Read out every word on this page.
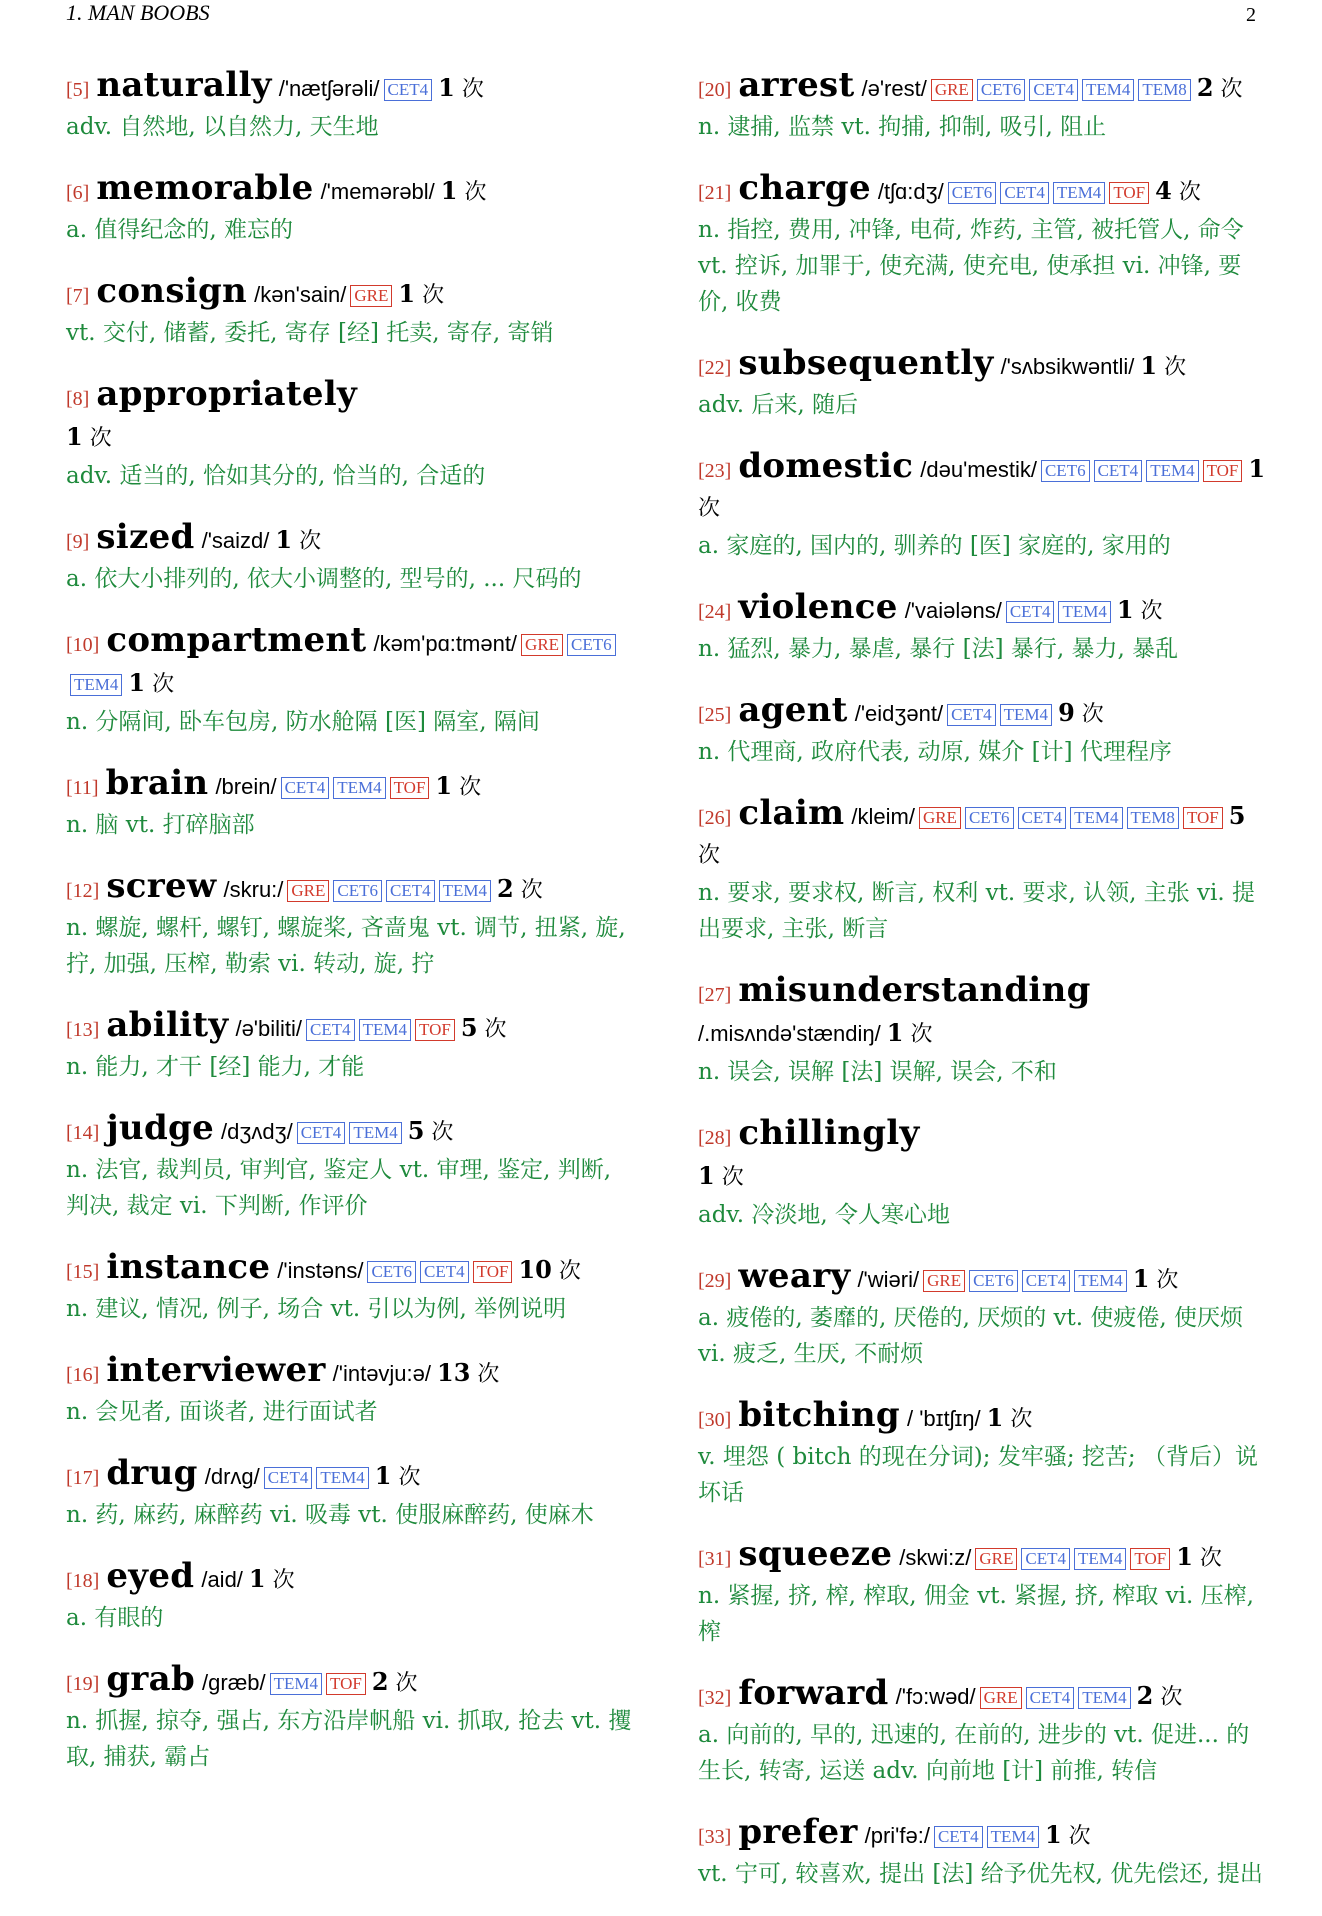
1. MAN BOOBS	2
[5] naturally /'nætʃərəli/ CET4 1 次
adv. 自然地, 以自然力, 天生地
[6] memorable /'memərəbl/ 1 次
a. 值得纪念的, 难忘的
[7] consign /kən'sain/ GRE 1 次
vt. 交付, 储蓄, 委托, 寄存 [经] 托卖, 寄存, 寄销
[8] appropriately
1 次
adv. 适当的, 恰如其分的, 恰当的, 合适的
[9] sized /'saizd/ 1 次
a. 依大小排列的, 依大小调整的, 型号的, ... 尺码的
[10] compartment /kəm'pɑ:tmənt/ GRE CET6TEM4 1 次
n. 分隔间, 卧车包房, 防水舱隔 [医] 隔室, 隔间
[11] brain /brein/ CET4 TEM4 TOF 1 次
n. 脑 vt. 打碎脑部
[12] screw /skru:/ GRE CET6 CET4 TEM4 2 次
n. 螺旋, 螺杆, 螺钉, 螺旋桨, 吝啬鬼 vt. 调节, 扭紧, 旋, 拧, 加强, 压榨, 勒索 vi. 转动, 旋, 拧
[13] ability /ə'biliti/ CET4 TEM4 TOF 5 次
n. 能力, 才干 [经] 能力, 才能
[14] judge /dʒʌdʒ/ CET4 TEM4 5 次
n. 法官, 裁判员, 审判官, 鉴定人 vt. 审理, 鉴定, 判断, 判决, 裁定 vi. 下判断, 作评价
[15] instance /'instəns/ CET6 CET4 TOF 10 次
n. 建议, 情况, 例子, 场合 vt. 引以为例, 举例说明
[16] interviewer /'intəvju:ə/ 13 次
n. 会见者, 面谈者, 进行面试者
[17] drug /drʌg/ CET4 TEM4 1 次
n. 药, 麻药, 麻醉药 vi. 吸毒 vt. 使服麻醉药, 使麻木
[18] eyed /aid/ 1 次
a. 有眼的
[19] grab /græb/ TEM4 TOF 2 次
n. 抓握, 掠夺, 强占, 东方沿岸帆船 vi. 抓取, 抢去 vt. 攫取, 捕获, 霸占
[20] arrest /ə'rest/ GRE CET6 CET4 TEM4 TEM8 2 次
n. 逮捕, 监禁 vt. 拘捕, 抑制, 吸引, 阻止
[21] charge /tʃɑ:dʒ/ CET6 CET4 TEM4 TOF 4 次
n. 指控, 费用, 冲锋, 电荷, 炸药, 主管, 被托管人, 命令 vt. 控诉, 加罪于, 使充满, 使充电, 使承担 vi. 冲锋, 要价, 收费
[22] subsequently /'sʌbsikwəntli/ 1 次
adv. 后来, 随后
[23] domestic /dəu'mestik/ CET6 CET4 TEM4 TOF 1 次
a. 家庭的, 国内的, 驯养的 [医] 家庭的, 家用的
[24] violence /'vaiələns/ CET4 TEM4 1 次
n. 猛烈, 暴力, 暴虐, 暴行 [法] 暴行, 暴力, 暴乱
[25] agent /'eidʒənt/ CET4 TEM4 9 次
n. 代理商, 政府代表, 动原, 媒介 [计] 代理程序
[26] claim /kleim/ GRE CET6 CET4 TEM4 TEM8 TOF 5 次
n. 要求, 要求权, 断言, 权利 vt. 要求, 认领, 主张 vi. 提出要求, 主张, 断言
[27] misunderstanding /.misʌndə'stændiŋ/ 1 次
n. 误会, 误解 [法] 误解, 误会, 不和
[28] chillingly
1 次
adv. 冷淡地, 令人寒心地
[29] weary /'wiəri/ GRE CET6 CET4 TEM4 1 次
a. 疲倦的, 萎靡的, 厌倦的, 厌烦的 vt. 使疲倦, 使厌烦 vi. 疲乏, 生厌, 不耐烦
[30] bitching / 'bɪtʃɪŋ/ 1 次
v. 埋怨 ( bitch 的现在分词); 发牢骚; 挖苦; （背后）说坏话
[31] squeeze /skwi:z/ GRE CET4 TEM4 TOF 1 次
n. 紧握, 挤, 榨, 榨取, 佣金 vt. 紧握, 挤, 榨取 vi. 压榨, 榨
[32] forward /'fɔ:wəd/ GRE CET4 TEM4 2 次
a. 向前的, 早的, 迅速的, 在前的, 进步的 vt. 促进... 的生长, 转寄, 运送 adv. 向前地 [计] 前推, 转信
[33] prefer /pri'fə:/ CET4 TEM4 1 次
vt. 宁可, 较喜欢, 提出 [法] 给予优先权, 优先偿还, 提出
